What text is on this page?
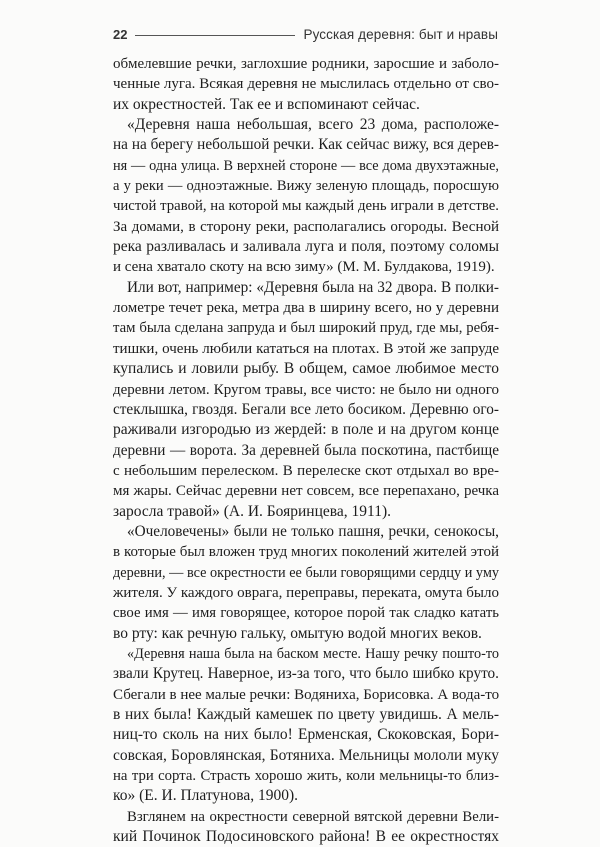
22	Русская деревня: быт и нравы
обмелевшие речки, заглохшие родники, заросшие и заболо-
ченные луга. Всякая деревня не мыслилась отдельно от сво-
их окрестностей. Так ее и вспоминают сейчас.
«Деревня наша небольшая, всего 23 дома, расположе-
на на берегу небольшой речки. Как сейчас вижу, вся дерев-
ня — одна улица. В верхней стороне — все дома двухэтажные,
а у реки — одноэтажные. Вижу зеленую площадь, поросшую
чистой травой, на которой мы каждый день играли в детстве.
За домами, в сторону реки, располагались огороды. Весной
река разливалась и заливала луга и поля, поэтому соломы
и сена хватало скоту на всю зиму» (М. М. Булдакова, 1919).
Или вот, например: «Деревня была на 32 двора. В полки-
лометре течет река, метра два в ширину всего, но у деревни
там была сделана запруда и был широкий пруд, где мы, ребя-
тишки, очень любили кататься на плотах. В этой же запруде
купались и ловили рыбу. В общем, самое любимое место
деревни летом. Кругом травы, все чисто: не было ни одного
стеклышка, гвоздя. Бегали все лето босиком. Деревню ого-
раживали изгородью из жердей: в поле и на другом конце
деревни — ворота. За деревней была поскотина, пастбище
с небольшим перелеском. В перелеске скот отдыхал во вре-
мя жары. Сейчас деревни нет совсем, все перепахано, речка
заросла травой» (А. И. Бояринцева, 1911).
«Очеловечены» были не только пашня, речки, сенокосы,
в которые был вложен труд многих поколений жителей этой
деревни, — все окрестности ее были говорящими сердцу и уму
жителя. У каждого оврага, переправы, переката, омута было
свое имя — имя говорящее, которое порой так сладко катать
во рту: как речную гальку, омытую водой многих веков.
«Деревня наша была на баском месте. Нашу речку пошто-то
звали Крутец. Наверное, из-за того, что было шибко круто.
Сбегали в нее малые речки: Водяниха, Борисовка. А вода-то
в них была! Каждый камешек по цвету увидишь. А мель-
ниц-то сколь на них было! Ерменская, Скоковская, Бори-
совская, Боровлянская, Ботяниха. Мельницы мололи муку
на три сорта. Страсть хорошо жить, коли мельницы-то близ-
ко» (Е. И. Платунова, 1900).
Взглянем на окрестности северной вятской деревни Вели-
кий Починок Подосиновского района! В ее окрестностях
